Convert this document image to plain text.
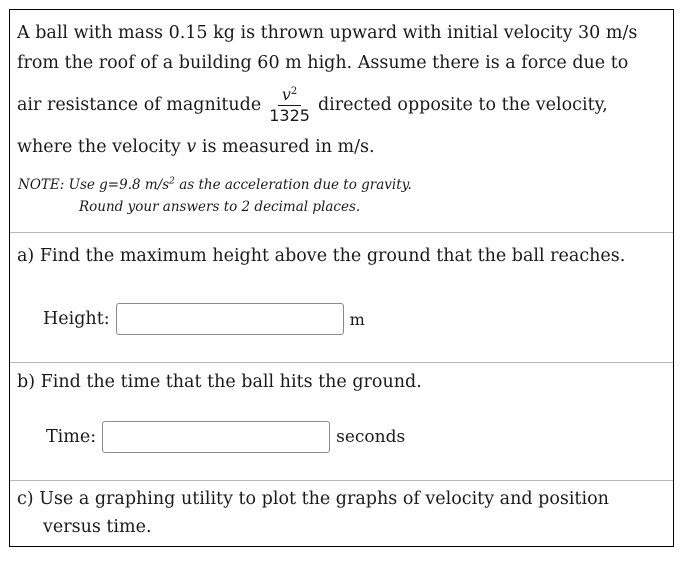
A ball with mass 0.15 kg is thrown upward with initial velocity 30 m/s
from the roof of a building 60 m high. Assume there is a force due to
air resistance of magnitude $\frac{v^2}{1325}$ directed opposite to the velocity,
where the velocity v is measured in m/s.
NOTE: Use g=9.8 $m/s^2$ as the acceleration due to gravity.
Round your answers to 2 decimal places.
a) Find the maximum height above the ground that the ball reaches.
Height:	m
b) Find the time that the ball hits the ground.
Time:	seconds
c) Use a graphing utility to plot the graphs of velocity and position
versus time.
